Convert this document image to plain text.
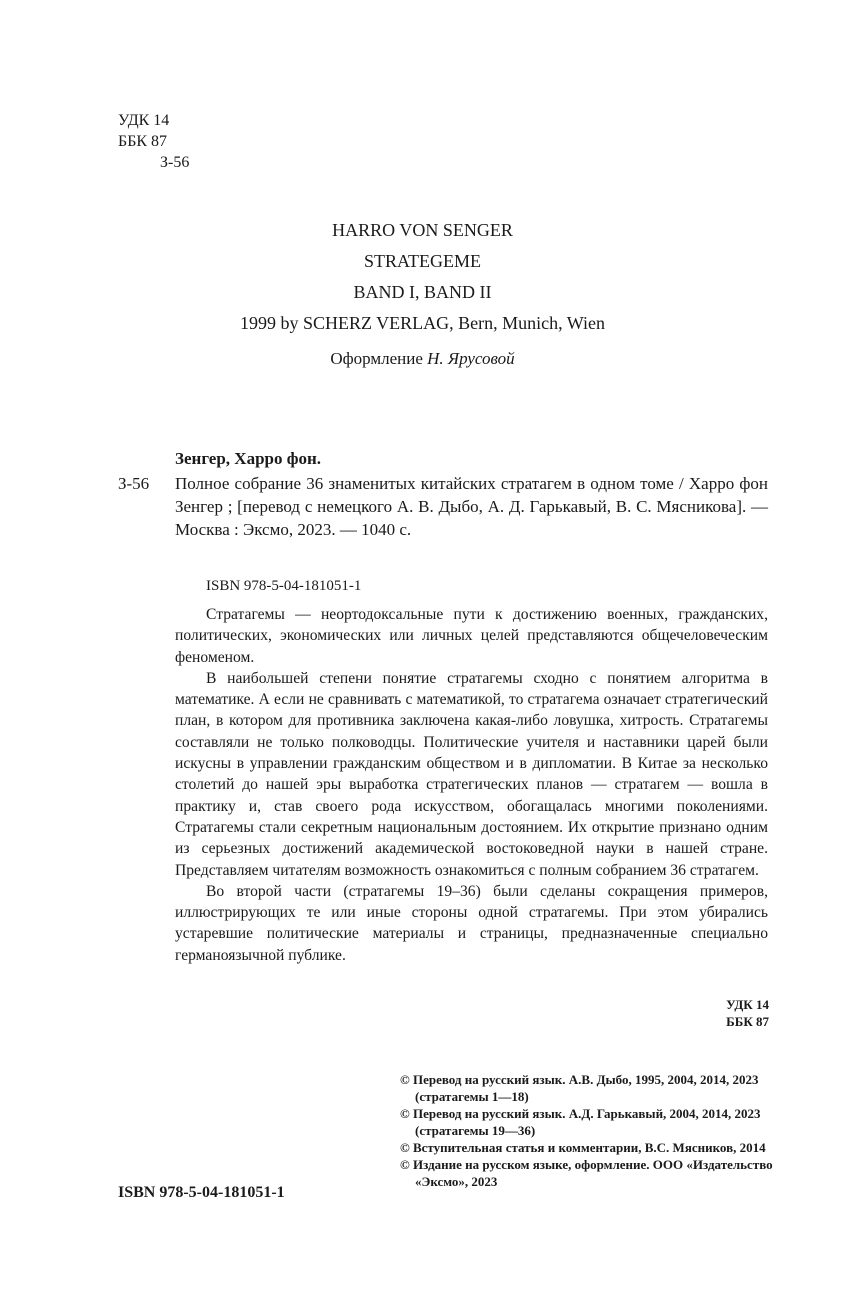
УДК 14
ББК 87
З-56
HARRO VON SENGER
STRATEGEME
BAND I, BAND II
1999 by SCHERZ VERLAG, Bern, Munich, Wien
Оформление Н. Ярусовой
Зенгер, Харро фон.
З-56 Полное собрание 36 знаменитых китайских стратагем в одном томе / Харро фон Зенгер ; [перевод с немецкого А. В. Дыбо, А. Д. Гарькавый, В. С. Мясникова]. — Москва : Эксмо, 2023. — 1040 с.
ISBN 978-5-04-181051-1

Стратагемы — неортодоксальные пути к достижению военных, гражданских, политических, экономических или личных целей представляются общечеловеческим феноменом.

В наибольшей степени понятие стратагемы сходно с понятием алгоритма в математике. А если не сравнивать с математикой, то стратагема означает стратегический план, в котором для противника заключена какая-либо ловушка, хитрость. Стратагемы составляли не только полководцы. Политические учителя и наставники царей были искусны в управлении гражданским обществом и в дипломатии. В Китае за несколько столетий до нашей эры выработка стратегических планов — стратагем — вошла в практику и, став своего рода искусством, обогащалась многими поколениями. Стратагемы стали секретным национальным достоянием. Их открытие признано одним из серьезных достижений академической востоковедной науки в нашей стране. Представляем читателям возможность ознакомиться с полным собранием 36 стратагем.

Во второй части (стратагемы 19–36) были сделаны сокращения примеров, иллюстрирующих те или иные стороны одной стратагемы. При этом убирались устаревшие политические материалы и страницы, предназначенные специально германоязычной публике.

УДК 14
ББК 87
© Перевод на русский язык. А.В. Дыбо, 1995, 2004, 2014, 2023 (стратагемы 1—18)
© Перевод на русский язык. А.Д. Гарькавый, 2004, 2014, 2023 (стратагемы 19—36)
© Вступительная статья и комментарии, В.С. Мясников, 2014
© Издание на русском языке, оформление. ООО «Издательство «Эксмо», 2023
ISBN 978-5-04-181051-1
